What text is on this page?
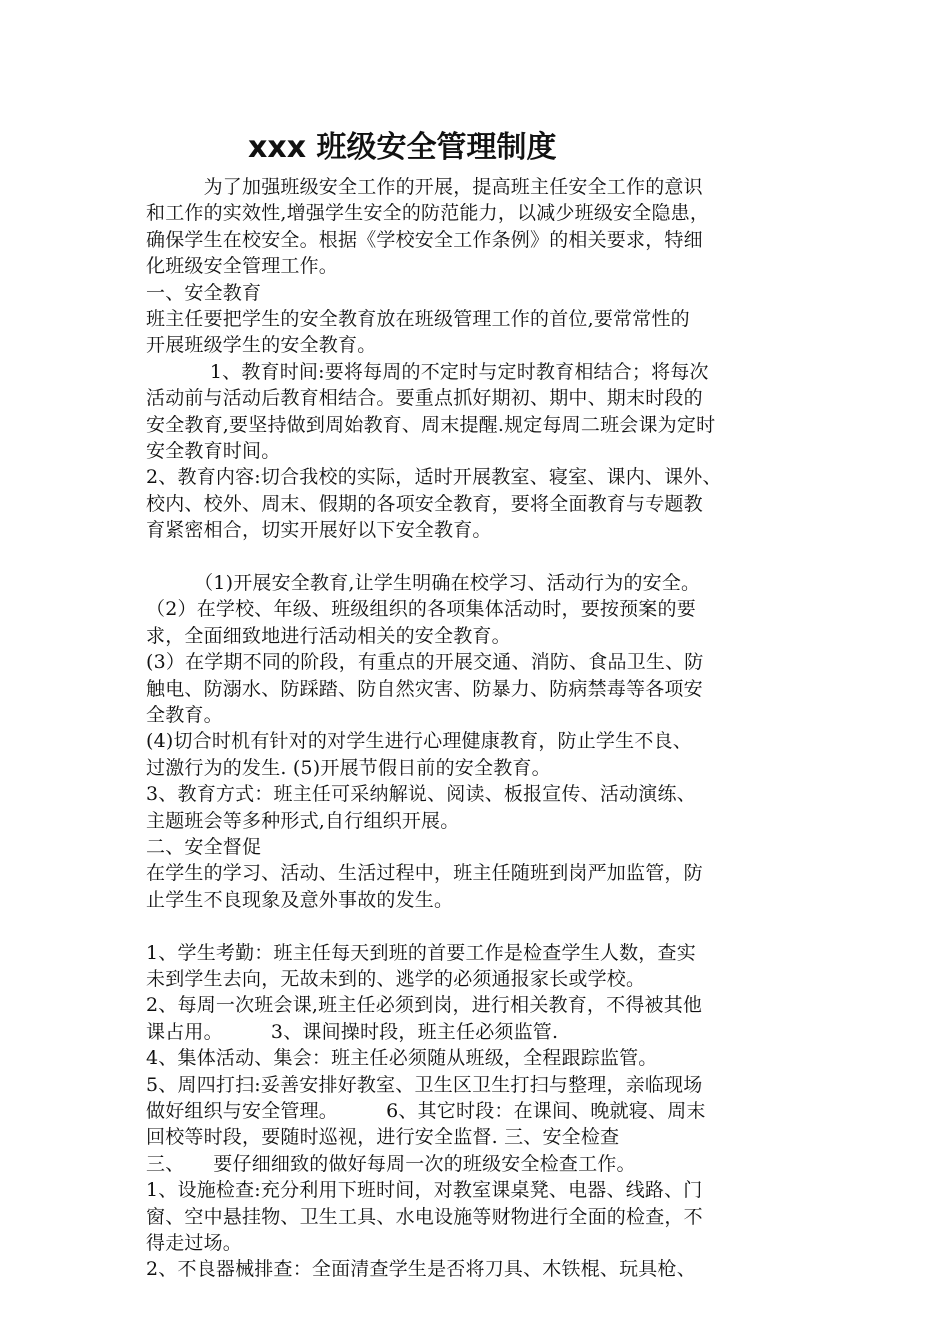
xxx 班级安全管理制度
　　　为了加强班级安全工作的开展，提高班主任安全工作的意识
和工作的实效性,增强学生安全的防范能力，以减少班级安全隐患，
确保学生在校安全。根据《学校安全工作条例》的相关要求，特细
化班级安全管理工作。
一、安全教育
班主任要把学生的安全教育放在班级管理工作的首位,要常常性的
开展班级学生的安全教育。
　　　 1、教育时间:要将每周的不定时与定时教育相结合；将每次
活动前与活动后教育相结合。要重点抓好期初、期中、期末时段的
安全教育,要坚持做到周始教育、周末提醒.规定每周二班会课为定时
安全教育时间。
2、教育内容:切合我校的实际，适时开展教室、寝室、课内、课外、
校内、校外、周末、假期的各项安全教育，要将全面教育与专题教
育紧密相合，切实开展好以下安全教育。
　　　（1)开展安全教育,让学生明确在校学习、活动行为的安全。
（2）在学校、年级、班级组织的各项集体活动时，要按预案的要
求，全面细致地进行活动相关的安全教育。
(3）在学期不同的阶段，有重点的开展交通、消防、食品卫生、防
触电、防溺水、防踩踏、防自然灾害、防暴力、防病禁毒等各项安
全教育。
(4)切合时机有针对的对学生进行心理健康教育，防止学生不良、
过激行为的发生. (5)开展节假日前的安全教育。
3、教育方式：班主任可采纳解说、阅读、板报宣传、活动演练、
主题班会等多种形式,自行组织开展。
二、安全督促
在学生的学习、活动、生活过程中，班主任随班到岗严加监管，防
止学生不良现象及意外事故的发生。
1、学生考勤：班主任每天到班的首要工作是检查学生人数，查实
未到学生去向，无故未到的、逃学的必须通报家长或学校。
2、每周一次班会课,班主任必须到岗，进行相关教育，不得被其他
课占用。　　　3、课间操时段，班主任必须监管.
4、集体活动、集会：班主任必须随从班级，全程跟踪监管。
5、周四打扫:妥善安排好教室、卫生区卫生打扫与整理，亲临现场
做好组织与安全管理。　　　6、其它时段：在课间、晚就寝、周末
回校等时段，要随时巡视，进行安全监督. 三、安全检查
三、　　要仔细细致的做好每周一次的班级安全检查工作。
1、设施检查:充分利用下班时间，对教室课桌凳、电器、线路、门
窗、空中悬挂物、卫生工具、水电设施等财物进行全面的检查，不
得走过场。
2、不良器械排查：全面清查学生是否将刀具、木铁棍、玩具枪、
